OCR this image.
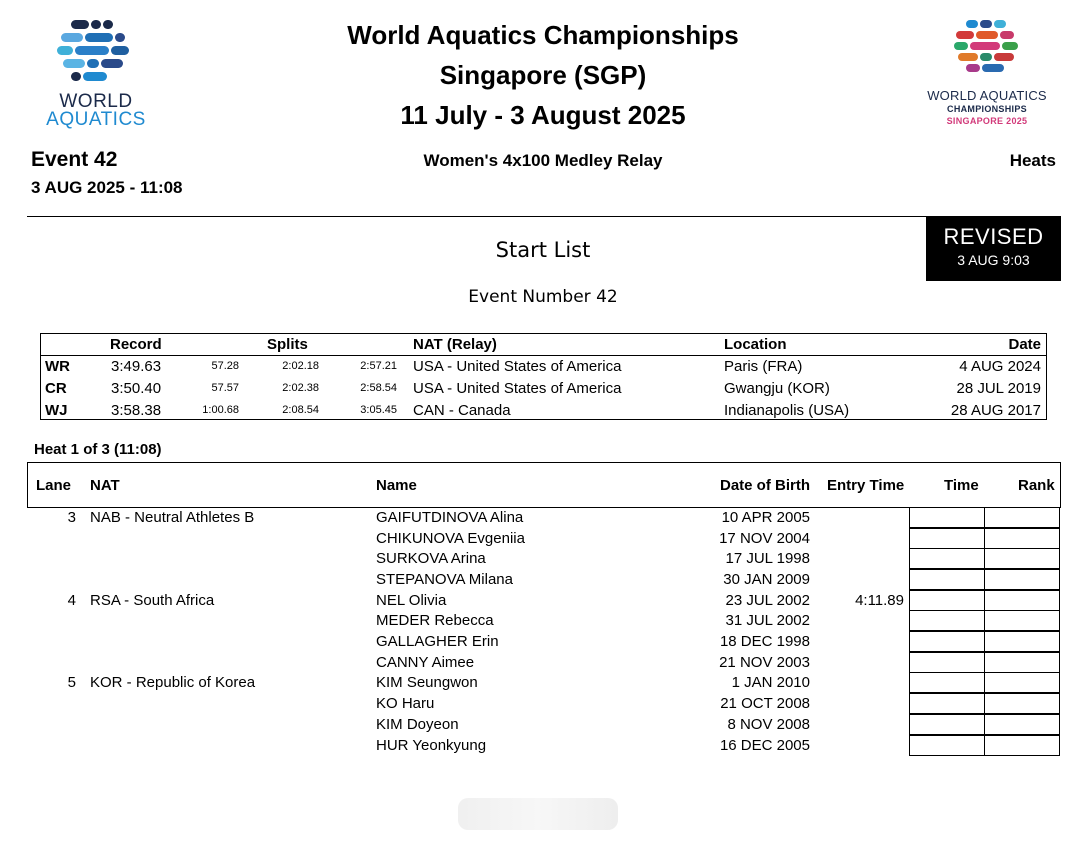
WORLD
AQUATICS
World Aquatics Championships
Singapore (SGP)
11 July - 3 August 2025
WORLD AQUATICS
CHAMPIONSHIPS
SINGAPORE 2025
Event 42
3 AUG 2025 - 11:08
Women's 4x100 Medley Relay	Heats
REVISED
3 AUG 9:03
Start List
Event Number 42
Record	Splits	NAT (Relay)	Location	Date
WR	3:49.63	57.28	2:02.18	2:57.21 USA - United States of America	Paris (FRA)	4 AUG 2024
CR	3:50.40	57.57	2:02.38	2:58.54 USA - United States of America	Gwangju (KOR)	28 JUL 2019
WJ	3:58.38	1:00.68	2:08.54	3:05.45 CAN - Canada	Indianapolis (USA)	28 AUG 2017
Heat 1 of 3 (11:08)
Lane NAT	Name	Date of Birth Entry Time	Time	Rank
3 NAB - Neutral Athletes B	GAIFUTDINOVA Alina	10 APR 2005
CHIKUNOVA Evgeniia	17 NOV 2004
SURKOVA Arina	17 JUL 1998
STEPANOVA Milana	30 JAN 2009
4 RSA - South Africa	NEL Olivia	23 JUL 2002	4:11.89
MEDER Rebecca	31 JUL 2002
GALLAGHER Erin	18 DEC 1998
CANNY Aimee	21 NOV 2003
5 KOR - Republic of Korea	KIM Seungwon	1 JAN 2010
KO Haru	21 OCT 2008
KIM Doyeon	8 NOV 2008
HUR Yeonkyung	16 DEC 2005
